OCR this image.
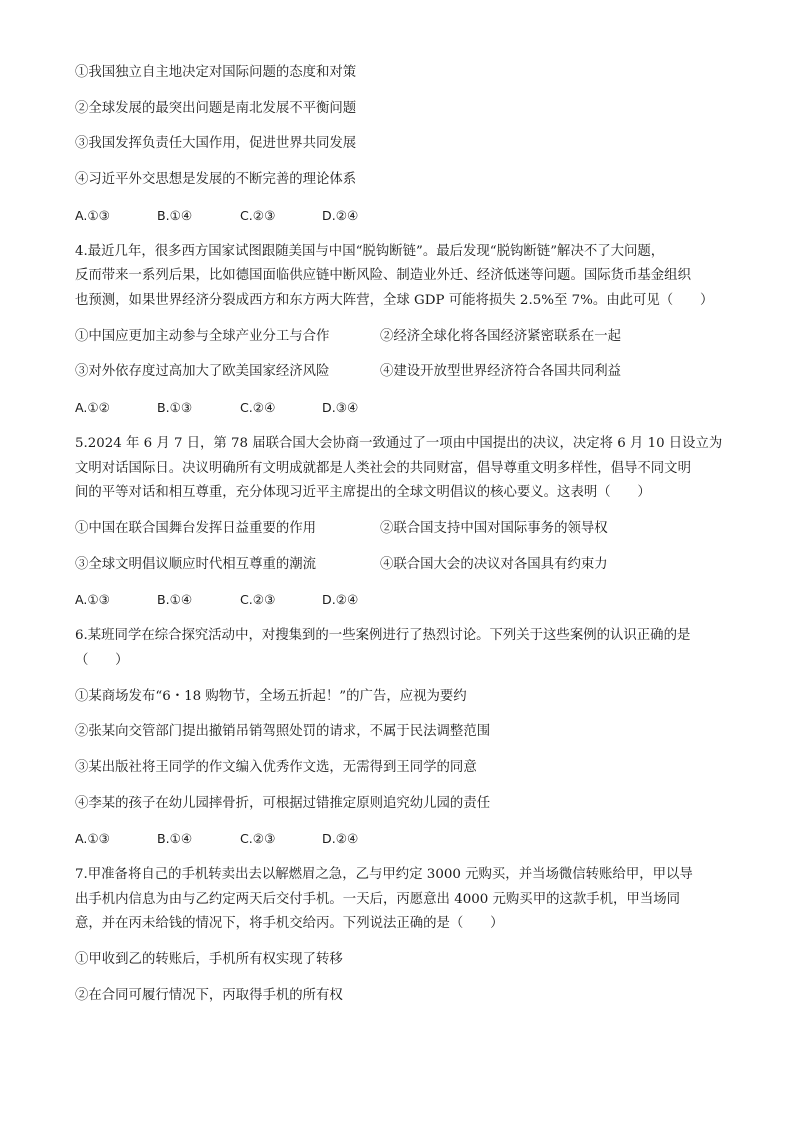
①我国独立自主地决定对国际问题的态度和对策
②全球发展的最突出问题是南北发展不平衡问题
③我国发挥负责任大国作用，促进世界共同发展
④习近平外交思想是发展的不断完善的理论体系
A.①③	B.①④	C.②③	D.②④
4.最近几年，很多西方国家试图跟随美国与中国“脱钩断链”。最后发现“脱钩断链”解决不了大问题，
反而带来一系列后果，比如德国面临供应链中断风险、制造业外迁、经济低迷等问题。国际货币基金组织
也预测，如果世界经济分裂成西方和东方两大阵营，全球 GDP 可能将损失 2.5%至 7%。由此可见（　　）
①中国应更加主动参与全球产业分工与合作	②经济全球化将各国经济紧密联系在一起
③对外依存度过高加大了欧美国家经济风险	④建设开放型世界经济符合各国共同利益
A.①②	B.①③	C.②④	D.③④
5.2024 年 6 月 7 日，第 78 届联合国大会协商一致通过了一项由中国提出的决议，决定将 6 月 10 日设立为
文明对话国际日。决议明确所有文明成就都是人类社会的共同财富，倡导尊重文明多样性，倡导不同文明
间的平等对话和相互尊重，充分体现习近平主席提出的全球文明倡议的核心要义。这表明（　　）
①中国在联合国舞台发挥日益重要的作用	②联合国支持中国对国际事务的领导权
③全球文明倡议顺应时代相互尊重的潮流	④联合国大会的决议对各国具有约束力
A.①③	B.①④	C.②③	D.②④
6.某班同学在综合探究活动中，对搜集到的一些案例进行了热烈讨论。下列关于这些案例的认识正确的是
（　　）
①某商场发布“6・18 购物节，全场五折起！”的广告，应视为要约
②张某向交管部门提出撤销吊销驾照处罚的请求，不属于民法调整范围
③某出版社将王同学的作文编入优秀作文选，无需得到王同学的同意
④李某的孩子在幼儿园摔骨折，可根据过错推定原则追究幼儿园的责任
A.①③	B.①④	C.②③	D.②④
7.甲准备将自己的手机转卖出去以解燃眉之急，乙与甲约定 3000 元购买，并当场微信转账给甲，甲以导
出手机内信息为由与乙约定两天后交付手机。一天后，丙愿意出 4000 元购买甲的这款手机，甲当场同
意，并在丙未给钱的情况下，将手机交给丙。下列说法正确的是（　　）
①甲收到乙的转账后，手机所有权实现了转移
②在合同可履行情况下，丙取得手机的所有权
